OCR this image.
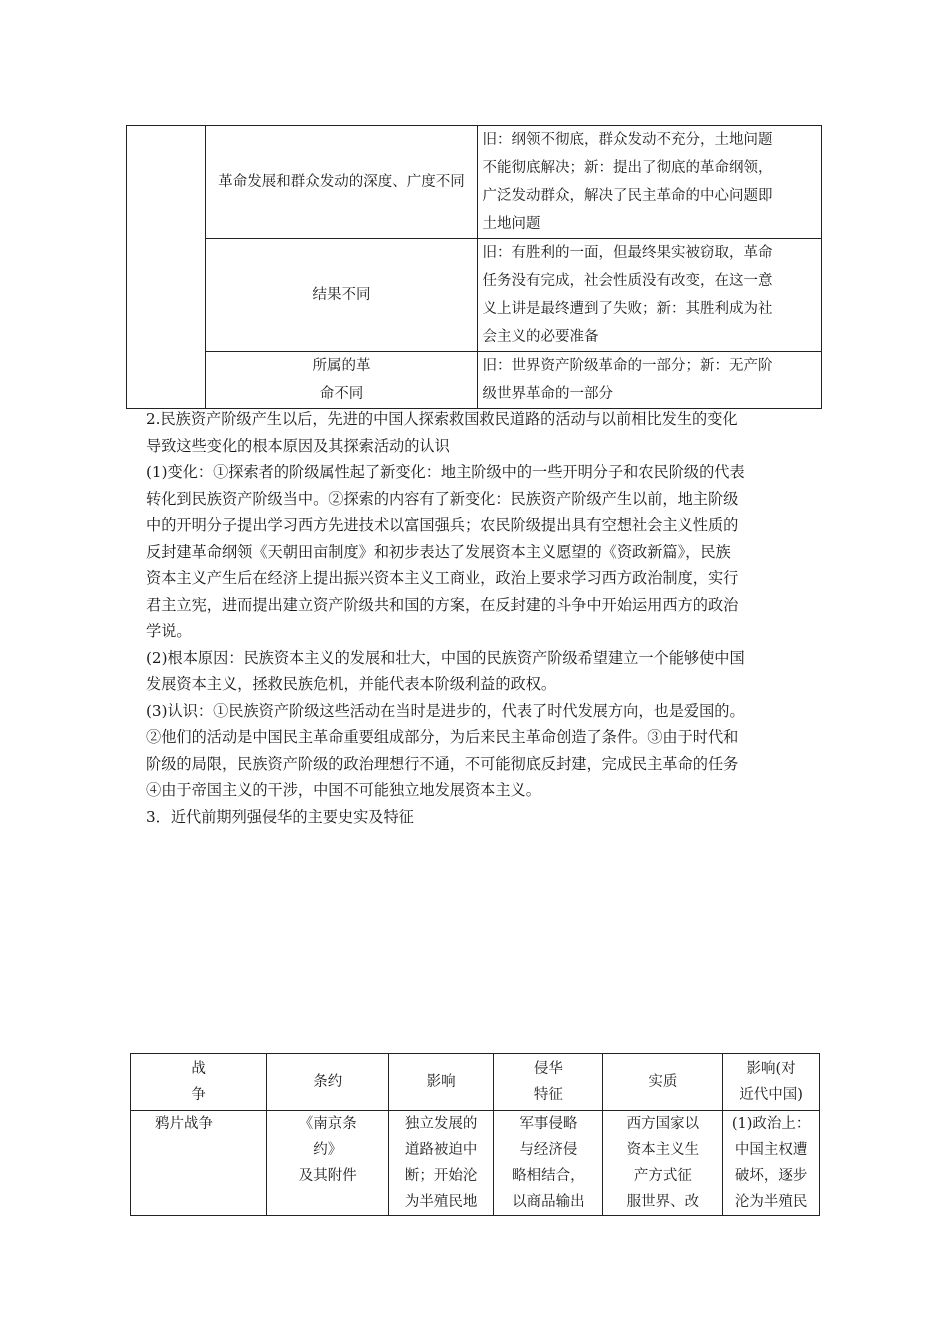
	革命发展和群众发动的深度、广度不同	旧：纲领不彻底，群众发动不充分，土地问题
不能彻底解决；新：提出了彻底的革命纲领，
广泛发动群众，解决了民主革命的中心问题即
土地问题

	结果不同	旧：有胜利的一面，但最终果实被窃取，革命
任务没有完成，社会性质没有改变，在这一意
义上讲是最终遭到了失败；新：其胜利成为社
会主义的必要准备

	所属的革
命不同	旧：世界资产阶级革命的一部分；新：无产阶
级世界革命的一部分
2.民族资产阶级产生以后，先进的中国人探索救国救民道路的活动与以前相比发生的变化
导致这些变化的根本原因及其探索活动的认识
(1)变化：①探索者的阶级属性起了新变化：地主阶级中的一些开明分子和农民阶级的代表
转化到民族资产阶级当中。②探索的内容有了新变化：民族资产阶级产生以前，地主阶级
中的开明分子提出学习西方先进技术以富国强兵；农民阶级提出具有空想社会主义性质的
反封建革命纲领《天朝田亩制度》和初步表达了发展资本主义愿望的《资政新篇》，民族
资本主义产生后在经济上提出振兴资本主义工商业，政治上要求学习西方政治制度，实行
君主立宪，进而提出建立资产阶级共和国的方案，在反封建的斗争中开始运用西方的政治
学说。
(2)根本原因：民族资本主义的发展和壮大，中国的民族资产阶级希望建立一个能够使中国
发展资本主义，拯救民族危机，并能代表本阶级利益的政权。
(3)认识：①民族资产阶级这些活动在当时是进步的，代表了时代发展方向，也是爱国的。
②他们的活动是中国民主革命重要组成部分，为后来民主革命创造了条件。③由于时代和
阶级的局限，民族资产阶级的政治理想行不通，不可能彻底反封建，完成民主革命的任务
④由于帝国主义的干涉，中国不可能独立地发展资本主义。
3．近代前期列强侵华的主要史实及特征
战
争	条约	影响	侵华
特征	实质	影响(对
近代中国)

鸦片战争	《南京条
约》
及其附件	独立发展的
道路被迫中
断；开始沦
为半殖民地	军事侵略
与经济侵
略相结合，
以商品输出	西方国家以
资本主义生
产方式征
服世界、改	(1)政治上：
中国主权遭
破坏，逐步
沦为半殖民
